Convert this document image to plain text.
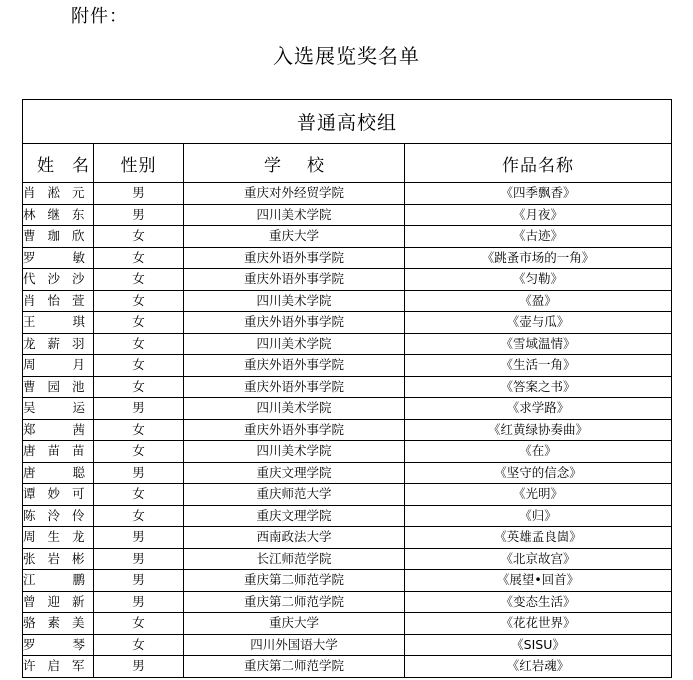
附件：
入选展览奖名单
普通高校组			
姓名	性别	学校	作品名称
肖淞元	男	重庆对外经贸学院	《四季飘香》
林继东	男	四川美术学院	《月夜》
曹珈欣	女	重庆大学	《古迹》
罗敏	女	重庆外语外事学院	《跳蚤市场的一角》
代沙沙	女	重庆外语外事学院	《匀勒》
肖怡萱	女	四川美术学院	《盈》
王琪	女	重庆外语外事学院	《壶与瓜》
龙薪羽	女	四川美术学院	《雪域温情》
周月	女	重庆外语外事学院	《生活一角》
曹园池	女	重庆外语外事学院	《答案之书》
吴运	男	四川美术学院	《求学路》
郑茜	女	重庆外语外事学院	《红黄绿协奏曲》
唐苗苗	女	四川美术学院	《在》
唐聪	男	重庆文理学院	《坚守的信念》
谭妙可	女	重庆师范大学	《光明》
陈泠伶	女	重庆文理学院	《归》
周生龙	男	西南政法大学	《英雄孟良崮》
张岩彬	男	长江师范学院	《北京故宫》
江鹏	男	重庆第二师范学院	《展望•回首》
曾迎新	男	重庆第二师范学院	《变态生活》
骆素美	女	重庆大学	《花花世界》
罗琴	女	四川外国语大学	《SISU》
许启军	男	重庆第二师范学院	《红岩魂》
